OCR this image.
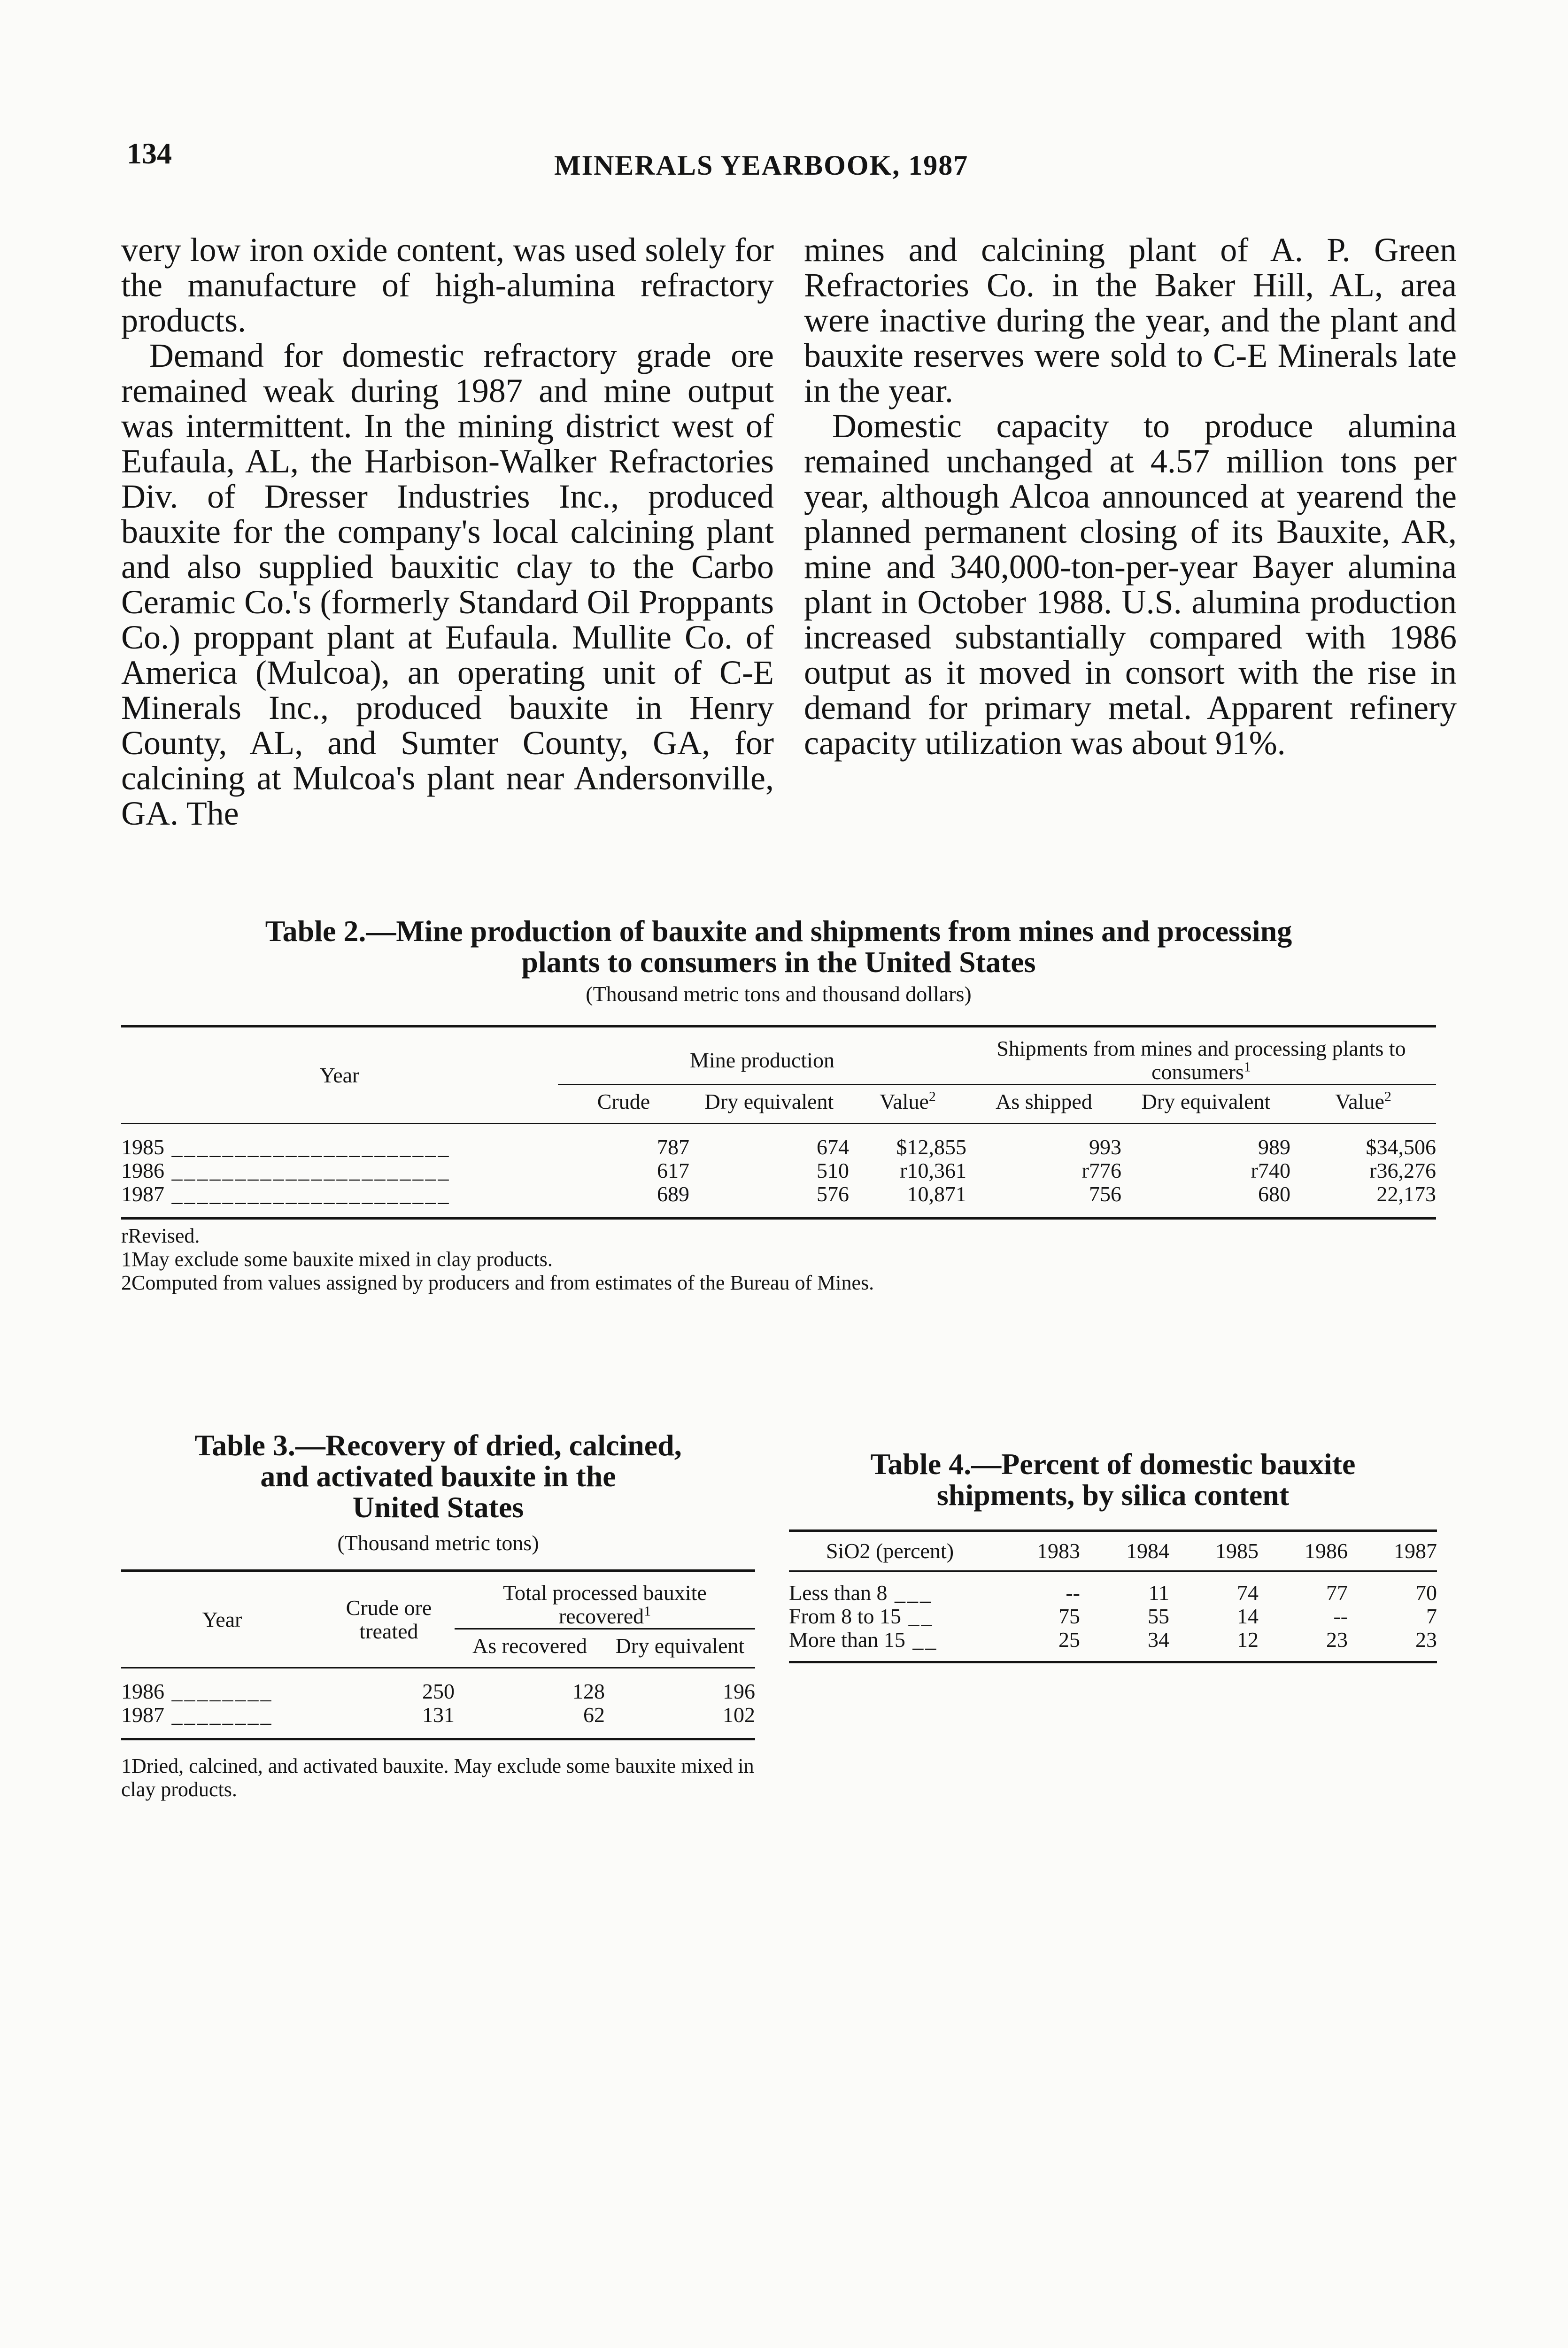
134	MINERALS YEARBOOK, 1987

very low iron oxide content, was used solely for the manufacture of high-alumina refractory products.

Demand for domestic refractory grade ore remained weak during 1987 and mine output was intermittent. In the mining district west of Eufaula, AL, the Harbison-Walker Refractories Div. of Dresser Industries Inc., produced bauxite for the company's local calcining plant and also supplied bauxitic clay to the Carbo Ceramic Co.'s (formerly Standard Oil Proppants Co.) proppant plant at Eufaula. Mullite Co. of America (Mulcoa), an operating unit of C-E Minerals Inc., produced bauxite in Henry County, AL, and Sumter County, GA, for calcining at Mulcoa's plant near Andersonville, GA. The

mines and calcining plant of A. P. Green Refractories Co. in the Baker Hill, AL, area were inactive during the year, and the plant and bauxite reserves were sold to C-E Minerals late in the year.

Domestic capacity to produce alumina remained unchanged at 4.57 million tons per year, although Alcoa announced at yearend the planned permanent closing of its Bauxite, AR, mine and 340,000-ton-per-year Bayer alumina plant in October 1988. U.S. alumina production increased substantially compared with 1986 output as it moved in consort with the rise in demand for primary metal. Apparent refinery capacity utilization was about 91%.

Table 2.—Mine production of bauxite and shipments from mines and processing
plants to consumers in the United States
(Thousand metric tons and thousand dollars)
Year	Mine production			Shipments from mines and processing plants to consumers$^1$
	Crude	Dry equivalent	Value$^2$	As shipped	Dry equivalent	Value$^2$
1985 ______________________	787	674	$12,855	993	989	$34,506
1986 ______________________	617	510	r10,361	r776	r740	r36,276
1987 ______________________	689	576	10,871	756	680	22,173

rRevised.
1May exclude some bauxite mixed in clay products.
2Computed from values assigned by producers and from estimates of the Bureau of Mines.
Table 3.—Recovery of dried, calcined,
and activated bauxite in the
United States
(Thousand metric tons)
Year	Crude ore treated	Total processed bauxite recovered$^1$
		As recovered	Dry equivalent
1986 ________	250	128	196
1987 ________	131	62	102

1Dried, calcined, and activated bauxite. May exclude some bauxite mixed in clay products.
Table 4.—Percent of domestic bauxite
shipments, by silica content
SiO2 (percent)	1983	1984	1985	1986	1987
Less than 8 ___	--	11	74	77	70
From 8 to 15 __	75	55	14	--	7
More than 15 __	25	34	12	23	23
